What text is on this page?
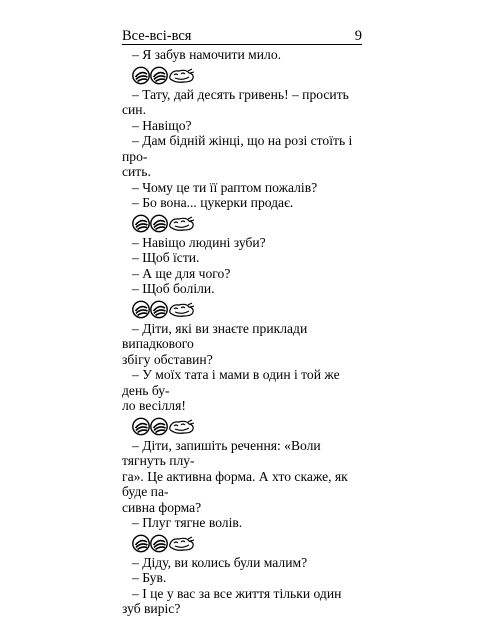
Все-всі-вся	9

– Я забув намочити мило.

– Тату, дай десять гривень! – просить син.

– Навіщо?

– Дам бідній жінці, що на розі стоїть і про-

сить.

– Чому це ти її раптом пожалів?

– Бо вона... цукерки продає.

– Навіщо людині зуби?

– Щоб їсти.

– А ще для чого?

– Щоб боліли.

– Діти, які ви знаєте приклади випадкового

збігу обставин?

– У моїх тата і мами в один і той же день бу-

ло весілля!

– Діти, запишіть речення: «Воли тягнуть плу-

га». Це активна форма. А хто скаже, як буде па-

сивна форма?

– Плуг тягне волів.

– Діду, ви колись були малим?

– Був.

– І це у вас за все життя тільки один зуб виріс?
